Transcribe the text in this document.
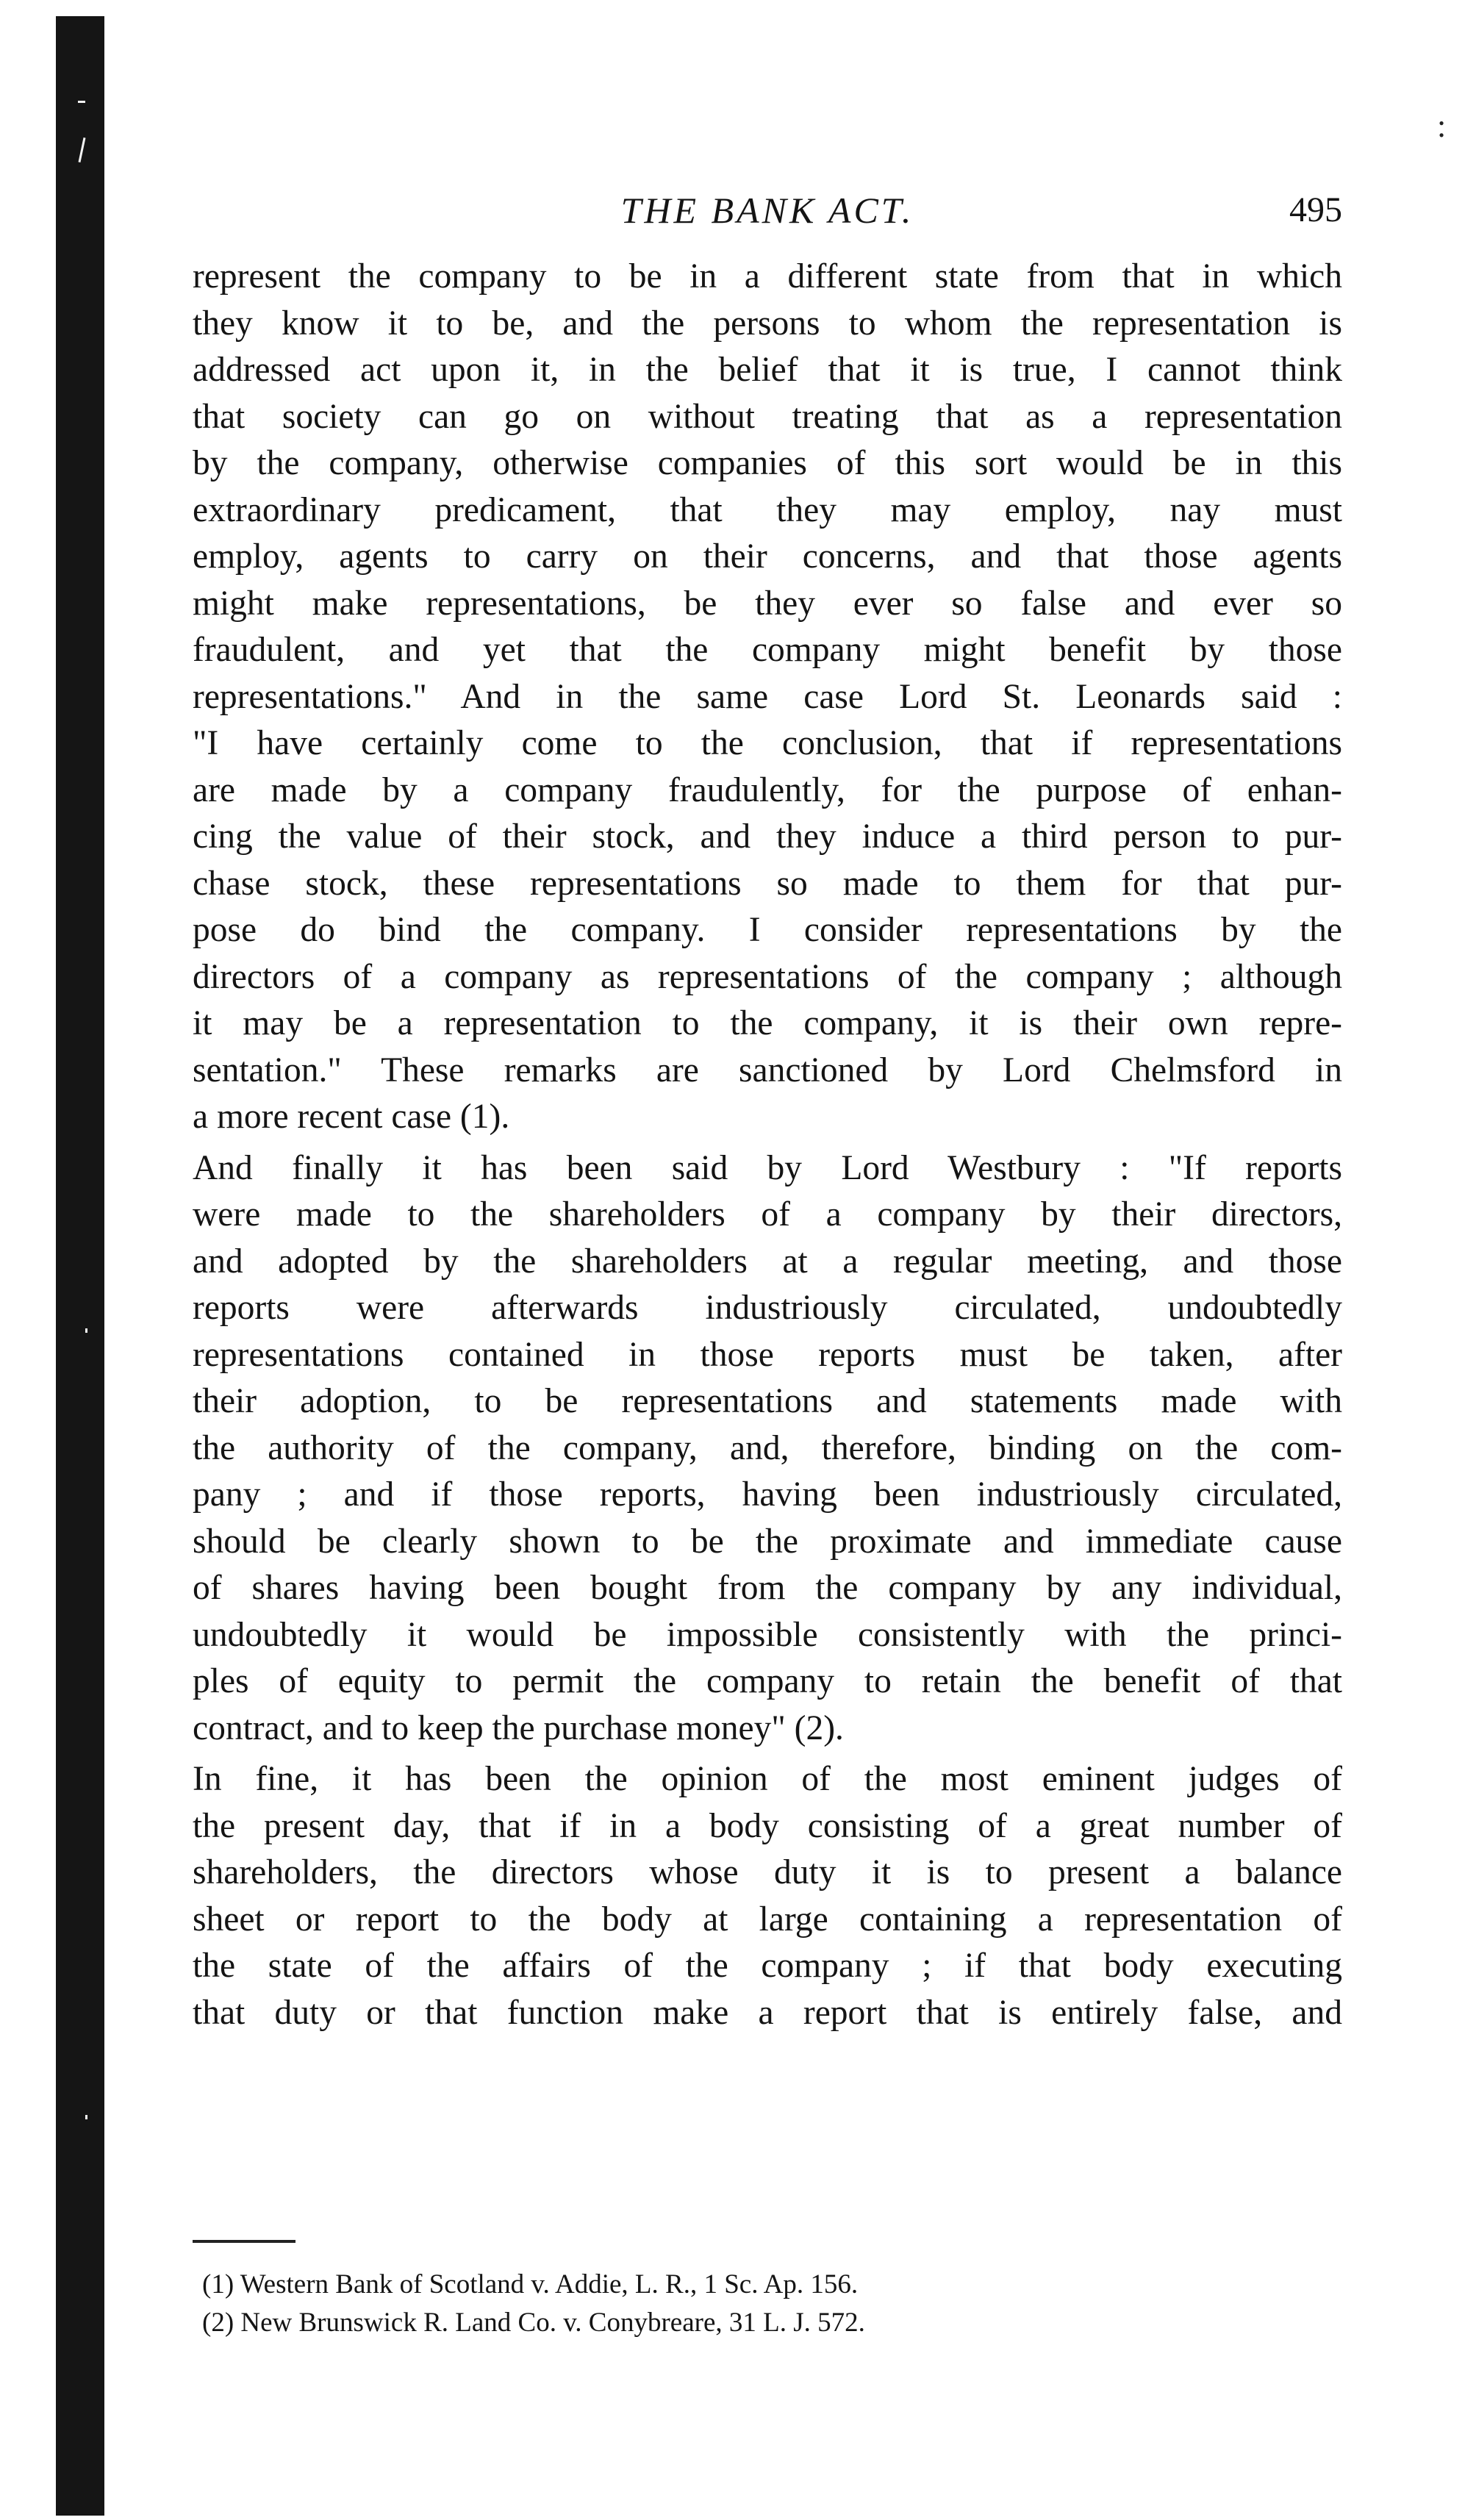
:
THE BANK ACT.	495

represent the company to be in a different state from that in which

they know it to be, and the persons to whom the representation is

addressed act upon it, in the belief that it is true, I cannot think

that society can go on without treating that as a representation

by the company, otherwise companies of this sort would be in this

extraordinary predicament, that they may employ, nay must

employ, agents to carry on their concerns, and that those agents

might make representations, be they ever so false and ever so

fraudulent, and yet that the company might benefit by those

representations." And in the same case Lord St. Leonards said :

"I have certainly come to the conclusion, that if representations

are made by a company fraudulently, for the purpose of enhan-

cing the value of their stock, and they induce a third person to pur-

chase stock, these representations so made to them for that pur-

pose do bind the company. I consider representations by the

directors of a company as representations of the company ; although

it may be a representation to the company, it is their own repre-

sentation." These remarks are sanctioned by Lord Chelmsford in

a more recent case (1).

And finally it has been said by Lord Westbury : "If reports

were made to the shareholders of a company by their directors,

and adopted by the shareholders at a regular meeting, and those

reports were afterwards industriously circulated, undoubtedly

representations contained in those reports must be taken, after

their adoption, to be representations and statements made with

the authority of the company, and, therefore, binding on the com-

pany ; and if those reports, having been industriously circulated,

should be clearly shown to be the proximate and immediate cause

of shares having been bought from the company by any individual,

undoubtedly it would be impossible consistently with the princi-

ples of equity to permit the company to retain the benefit of that

contract, and to keep the purchase money" (2).

In fine, it has been the opinion of the most eminent judges of

the present day, that if in a body consisting of a great number of

shareholders, the directors whose duty it is to present a balance

sheet or report to the body at large containing a representation of

the state of the affairs of the company ; if that body executing

that duty or that function make a report that is entirely false, and

(1) Western Bank of Scotland v. Addie, L. R., 1 Sc. Ap. 156.

(2) New Brunswick R. Land Co. v. Conybreare, 31 L. J. 572.
